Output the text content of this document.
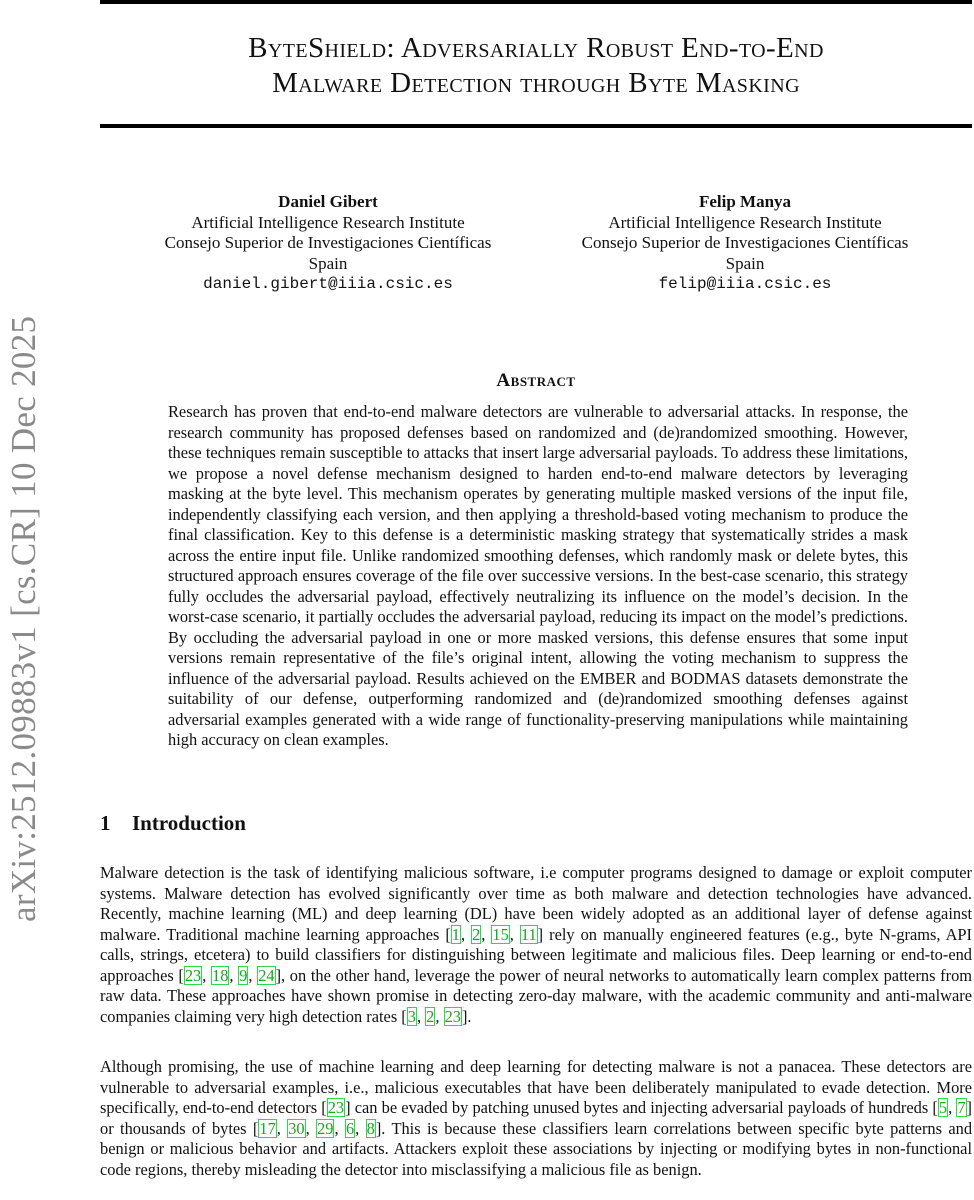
arXiv:2512.09883v1 [cs.CR] 10 Dec 2025
ByteShield: Adversarially Robust End-to-End
Malware Detection through Byte Masking
Daniel Gibert
Artificial Intelligence Research Institute
Consejo Superior de Investigaciones Científicas
Spain
daniel.gibert@iiia.csic.es
Felip Manya
Artificial Intelligence Research Institute
Consejo Superior de Investigaciones Científicas
Spain
felip@iiia.csic.es
Abstract
Research has proven that end-to-end malware detectors are vulnerable to adversarial attacks. In response, the research community has proposed defenses based on randomized and (de)randomized smoothing. However, these techniques remain susceptible to attacks that insert large adversarial payloads. To address these limitations, we propose a novel defense mechanism designed to harden end-to-end malware detectors by leveraging masking at the byte level. This mechanism operates by generating multiple masked versions of the input file, independently classifying each version, and then applying a threshold-based voting mechanism to produce the final classification. Key to this defense is a deterministic masking strategy that systematically strides a mask across the entire input file. Unlike randomized smoothing defenses, which randomly mask or delete bytes, this structured approach ensures coverage of the file over successive versions. In the best-case scenario, this strategy fully occludes the adversarial payload, effectively neutralizing its influence on the model’s decision. In the worst-case scenario, it partially occludes the adversarial payload, reducing its impact on the model’s predictions. By occluding the adversarial payload in one or more masked versions, this defense ensures that some input versions remain representative of the file’s original intent, allowing the voting mechanism to suppress the influence of the adversarial payload. Results achieved on the EMBER and BODMAS datasets demonstrate the suitability of our defense, outperforming randomized and (de)randomized smoothing defenses against adversarial examples generated with a wide range of functionality-preserving manipulations while maintaining high accuracy on clean examples.
1 Introduction
Malware detection is the task of identifying malicious software, i.e computer programs designed to damage or exploit computer systems. Malware detection has evolved significantly over time as both malware and detection technologies have advanced. Recently, machine learning (ML) and deep learning (DL) have been widely adopted as an additional layer of defense against malware. Traditional machine learning approaches [1, 2, 15, 11] rely on manually engineered features (e.g., byte N-grams, API calls, strings, etcetera) to build classifiers for distinguishing between legitimate and malicious files. Deep learning or end-to-end approaches [23, 18, 9, 24], on the other hand, leverage the power of neural networks to automatically learn complex patterns from raw data. These approaches have shown promise in detecting zero-day malware, with the academic community and anti-malware companies claiming very high detection rates [3, 2, 23].
Although promising, the use of machine learning and deep learning for detecting malware is not a panacea. These detectors are vulnerable to adversarial examples, i.e., malicious executables that have been deliberately manipulated to evade detection. More specifically, end-to-end detectors [23] can be evaded by patching unused bytes and injecting adversarial payloads of hundreds [5, 7] or thousands of bytes [17, 30, 29, 6, 8]. This is because these classifiers learn correlations between specific byte patterns and benign or malicious behavior and artifacts. Attackers exploit these associations by injecting or modifying bytes in non-functional code regions, thereby misleading the detector into misclassifying a malicious file as benign.
